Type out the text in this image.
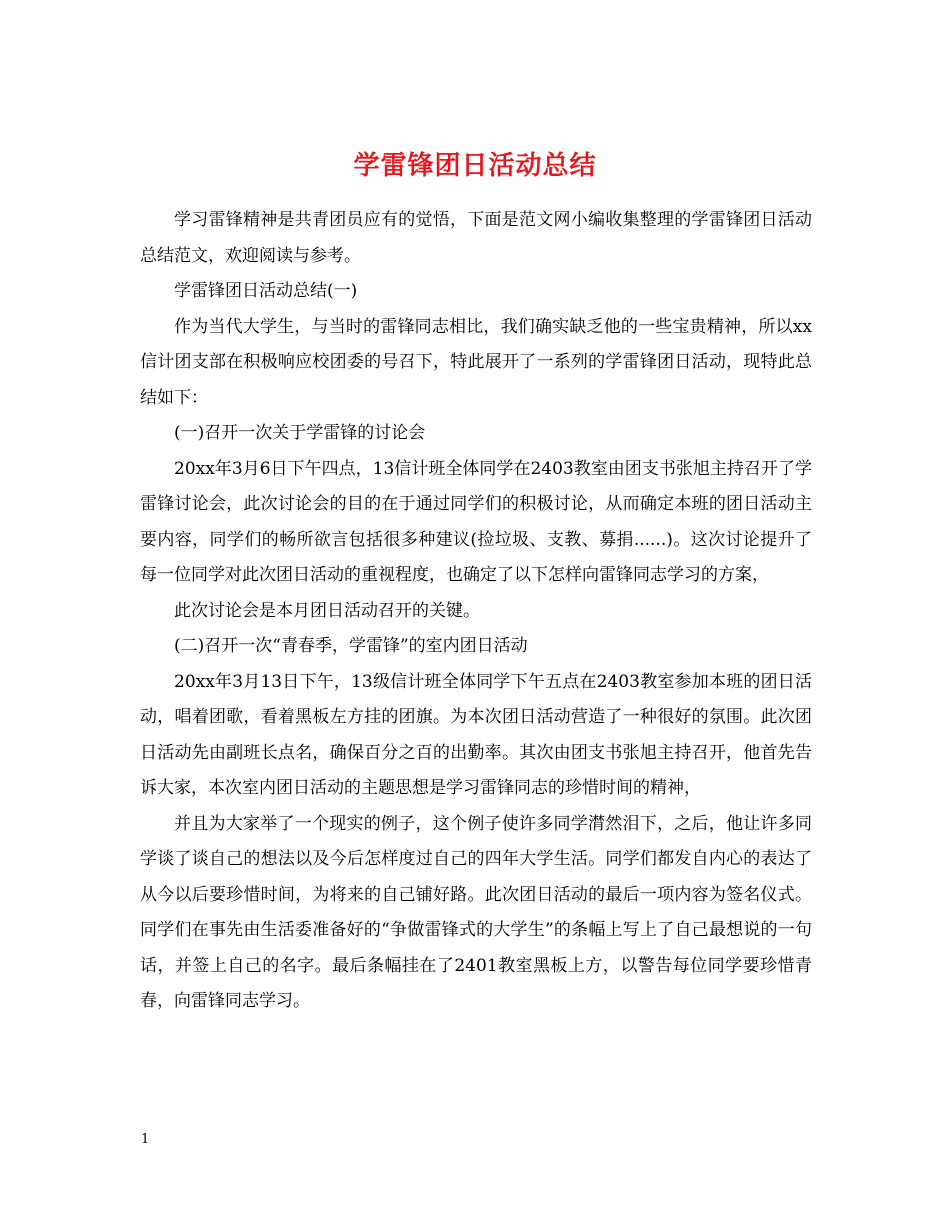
学雷锋团日活动总结

学习雷锋精神是共青团员应有的觉悟，下面是范文网小编收集整理的学雷锋团日活动总结范文，欢迎阅读与参考。

学雷锋团日活动总结(一)

作为当代大学生，与当时的雷锋同志相比，我们确实缺乏他的一些宝贵精神，所以xx信计团支部在积极响应校团委的号召下，特此展开了一系列的学雷锋团日活动，现特此总结如下：

(一)召开一次关于学雷锋的讨论会

20xx年3月6日下午四点，13信计班全体同学在2403教室由团支书张旭主持召开了学雷锋讨论会，此次讨论会的目的在于通过同学们的积极讨论，从而确定本班的团日活动主要内容，同学们的畅所欲言包括很多种建议(捡垃圾、支教、募捐......)。这次讨论提升了每一位同学对此次团日活动的重视程度，也确定了以下怎样向雷锋同志学习的方案，

此次讨论会是本月团日活动召开的关键。

(二)召开一次“青春季，学雷锋”的室内团日活动

20xx年3月13日下午，13级信计班全体同学下午五点在2403教室参加本班的团日活动，唱着团歌，看着黑板左方挂的团旗。为本次团日活动营造了一种很好的氛围。此次团日活动先由副班长点名，确保百分之百的出勤率。其次由团支书张旭主持召开，他首先告诉大家，本次室内团日活动的主题思想是学习雷锋同志的珍惜时间的精神，

并且为大家举了一个现实的例子，这个例子使许多同学潸然泪下，之后，他让许多同学谈了谈自己的想法以及今后怎样度过自己的四年大学生活。同学们都发自内心的表达了从今以后要珍惜时间，为将来的自己铺好路。此次团日活动的最后一项内容为签名仪式。同学们在事先由生活委准备好的“争做雷锋式的大学生”的条幅上写上了自己最想说的一句话，并签上自己的名字。最后条幅挂在了2401教室黑板上方，以警告每位同学要珍惜青春，向雷锋同志学习。

1
